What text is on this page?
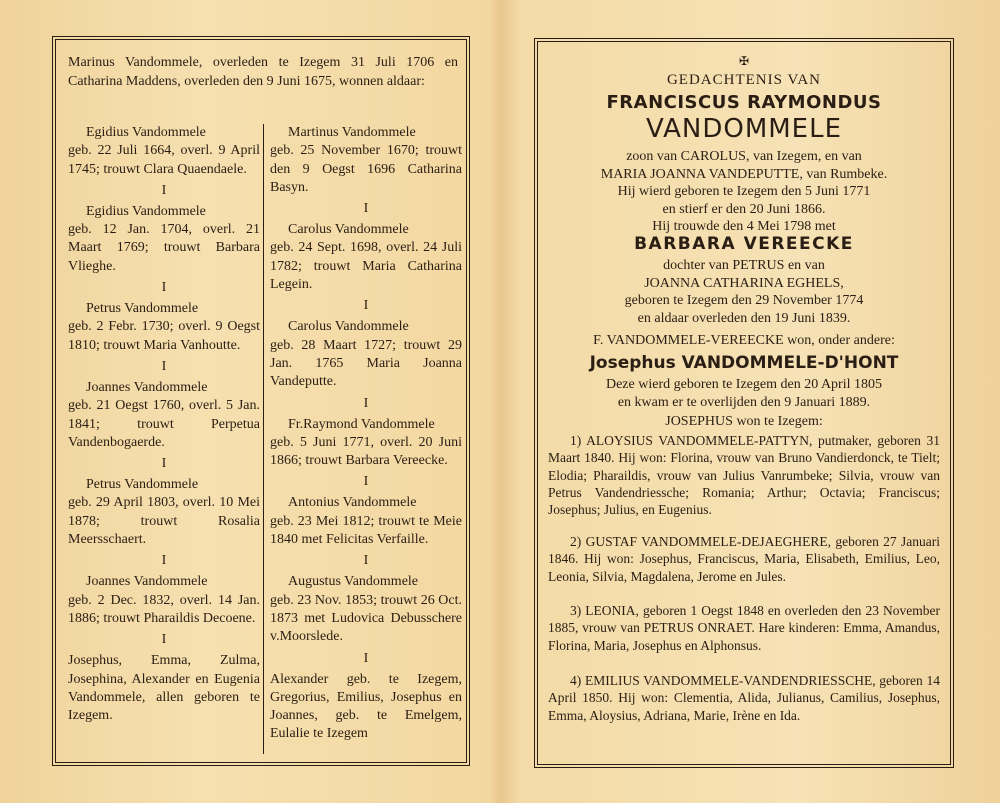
Marinus Vandommele, overleden te Izegem 31 Juli 1706 en Catharina Maddens, overleden den 9 Juni 1675, wonnen aldaar:

Egidius Vandommele
geb. 22 Juli 1664, overl. 9 April 1745; trouwt Clara Quaendaele.

I

Egidius Vandommele
geb. 12 Jan. 1704, overl. 21 Maart 1769; trouwt Barbara Vlieghe.

I

Petrus Vandommele
geb. 2 Febr. 1730; overl. 9 Oegst 1810; trouwt Maria Vanhoutte.

I

Joannes Vandommele
geb. 21 Oegst 1760, overl. 5 Jan. 1841; trouwt Perpetua Vandenbogaerde.

I

Petrus Vandommele
geb. 29 April 1803, overl. 10 Mei 1878; trouwt Rosalia Meersschaert.

I

Joannes Vandommele
geb. 2 Dec. 1832, overl. 14 Jan. 1886; trouwt Pharaildis Decoene.

I

Josephus, Emma, Zulma, Josephina, Alexander en Eugenia Vandommele, allen geboren te Izegem.

Martinus Vandommele
geb. 25 November 1670; trouwt den 9 Oegst 1696 Catharina Basyn.

I

Carolus Vandommele
geb. 24 Sept. 1698, overl. 24 Juli 1782; trouwt Maria Catharina Legein.

I

Carolus Vandommele
geb. 28 Maart 1727; trouwt 29 Jan. 1765 Maria Joanna Vandeputte.

I

Fr.Raymond Vandommele
geb. 5 Juni 1771, overl. 20 Juni 1866; trouwt Barbara Vereecke.

I

Antonius Vandommele
geb. 23 Mei 1812; trouwt te Meie 1840 met Felicitas Verfaille.

I

Augustus Vandommele
geb. 23 Nov. 1853; trouwt 26 Oct. 1873 met Ludovica Debusschere v.Moorslede.

I

Alexander geb. te Izegem, Gregorius, Emilius, Josephus en Joannes, geb. te Emelgem, Eulalie te Izegem

✠
GEDACHTENIS VAN
FRANCISCUS RAYMONDUS
VANDOMMELE
zoon van CAROLUS, van Izegem, en van
MARIA JOANNA VANDEPUTTE, van Rumbeke.
Hij wierd geboren te Izegem den 5 Juni 1771
en stierf er den 20 Juni 1866.
Hij trouwde den 4 Mei 1798 met
BARBARA VEREECKE
dochter van PETRUS en van
JOANNA CATHARINA EGHELS,
geboren te Izegem den 29 November 1774
en aldaar overleden den 19 Juni 1839.
F. VANDOMMELE-VEREECKE won, onder andere:
Josephus VANDOMMELE-D'HONT
Deze wierd geboren te Izegem den 20 April 1805
en kwam er te overlijden den 9 Januari 1889.
JOSEPHUS won te Izegem:
1) ALOYSIUS VANDOMMELE-PATTYN, putmaker, geboren 31 Maart 1840. Hij won: Florina, vrouw van Bruno Vandierdonck, te Tielt; Elodia; Pharaildis, vrouw van Julius Vanrumbeke; Silvia, vrouw van Petrus Vandendriessche; Romania; Arthur; Octavia; Franciscus; Josephus; Julius, en Eugenius.
2) GUSTAF VANDOMMELE-DEJAEGHERE, geboren 27 Januari 1846. Hij won: Josephus, Franciscus, Maria, Elisabeth, Emilius, Leo, Leonia, Silvia, Magdalena, Jerome en Jules.
3) LEONIA, geboren 1 Oegst 1848 en overleden den 23 November 1885, vrouw van PETRUS ONRAET. Hare kinderen: Emma, Amandus, Florina, Maria, Josephus en Alphonsus.
4) EMILIUS VANDOMMELE-VANDENDRIESSCHE, geboren 14 April 1850. Hij won: Clementia, Alida, Julianus, Camilius, Josephus, Emma, Aloysius, Adriana, Marie, Irène en Ida.
